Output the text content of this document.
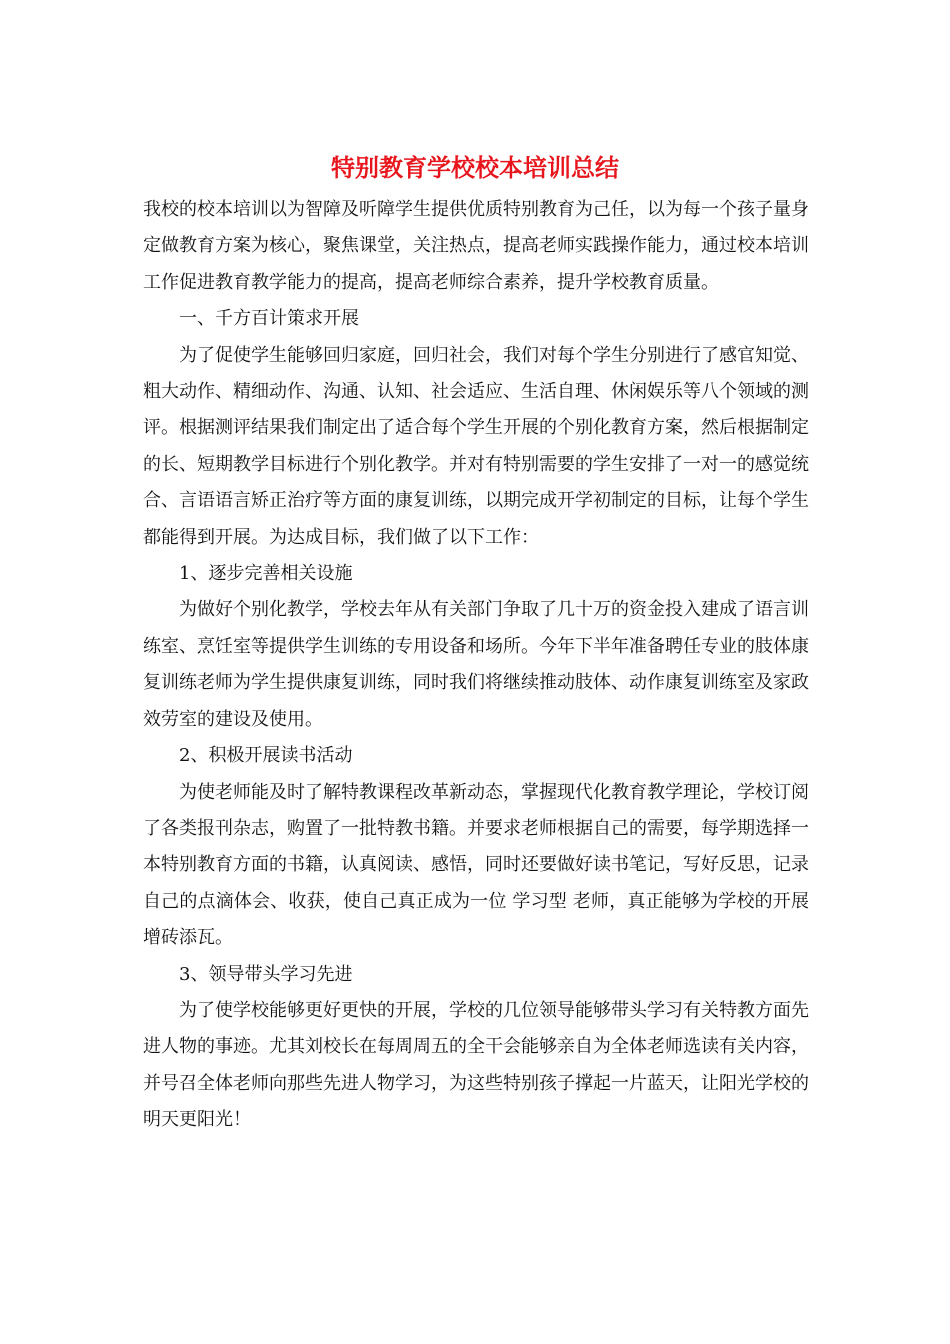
特别教育学校校本培训总结

我校的校本培训以为智障及听障学生提供优质特别教育为己任，以为每一个孩子量身定做教育方案为核心，聚焦课堂，关注热点，提高老师实践操作能力，通过校本培训工作促进教育教学能力的提高，提高老师综合素养，提升学校教育质量。

一、千方百计策求开展

为了促使学生能够回归家庭，回归社会，我们对每个学生分别进行了感官知觉、粗大动作、精细动作、沟通、认知、社会适应、生活自理、休闲娱乐等八个领域的测评。根据测评结果我们制定出了适合每个学生开展的个别化教育方案，然后根据制定的长、短期教学目标进行个别化教学。并对有特别需要的学生安排了一对一的感觉统合、言语语言矫正治疗等方面的康复训练，以期完成开学初制定的目标，让每个学生都能得到开展。为达成目标，我们做了以下工作：

1、逐步完善相关设施

为做好个别化教学，学校去年从有关部门争取了几十万的资金投入建成了语言训练室、烹饪室等提供学生训练的专用设备和场所。今年下半年准备聘任专业的肢体康复训练老师为学生提供康复训练，同时我们将继续推动肢体、动作康复训练室及家政效劳室的建设及使用。

2、积极开展读书活动

为使老师能及时了解特教课程改革新动态，掌握现代化教育教学理论，学校订阅了各类报刊杂志，购置了一批特教书籍。并要求老师根据自己的需要，每学期选择一本特别教育方面的书籍，认真阅读、感悟，同时还要做好读书笔记，写好反思，记录自己的点滴体会、收获，使自己真正成为一位 学习型 老师，真正能够为学校的开展增砖添瓦。

3、领导带头学习先进

为了使学校能够更好更快的开展，学校的几位领导能够带头学习有关特教方面先进人物的事迹。尤其刘校长在每周周五的全干会能够亲自为全体老师选读有关内容，并号召全体老师向那些先进人物学习，为这些特别孩子撑起一片蓝天，让阳光学校的明天更阳光！
